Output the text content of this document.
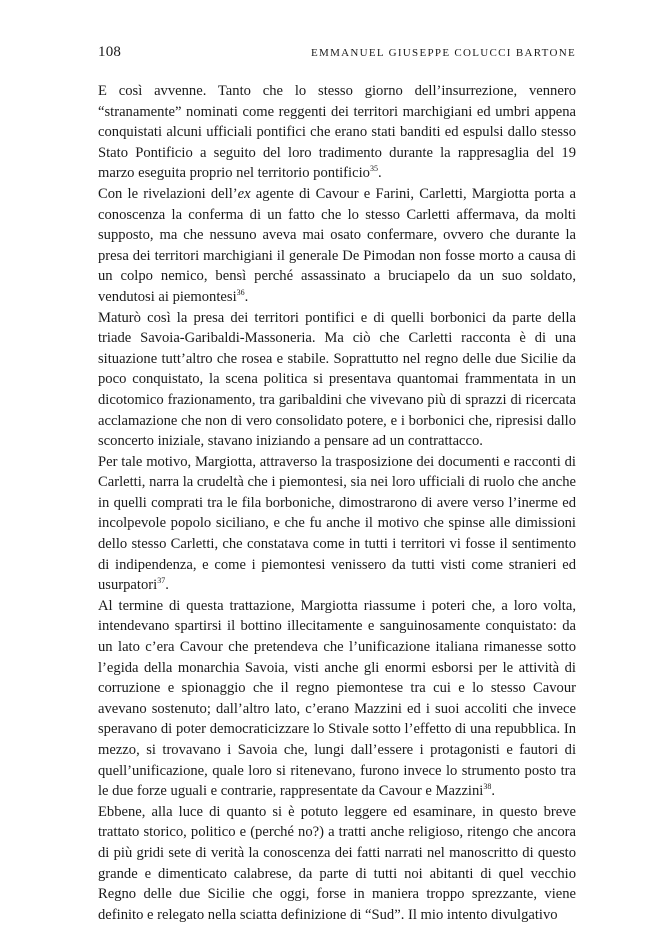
108	EMMANUEL GIUSEPPE COLUCCI BARTONE

E così avvenne. Tanto che lo stesso giorno dell’insurrezione, vennero “stranamente” nominati come reggenti dei territori marchigiani ed umbri appena conquistati alcuni ufficiali pontifici che erano stati banditi ed espulsi dallo stesso Stato Pontificio a seguito del loro tradimento durante la rappresaglia del 19 marzo eseguita proprio nel territorio pontificio$^{35}$.

Con le rivelazioni dell’ex agente di Cavour e Farini, Carletti, Margiotta porta a conoscenza la conferma di un fatto che lo stesso Carletti affermava, da molti supposto, ma che nessuno aveva mai osato confermare, ovvero che durante la presa dei territori marchigiani il generale De Pimodan non fosse morto a causa di un colpo nemico, bensì perché assassinato a bruciapelo da un suo soldato, vendutosi ai piemontesi$^{36}$.

Maturò così la presa dei territori pontifici e di quelli borbonici da parte della triade Savoia-Garibaldi-Massoneria. Ma ciò che Carletti racconta è di una situazione tutt’altro che rosea e stabile. Soprattutto nel regno delle due Sicilie da poco conquistato, la scena politica si presentava quantomai frammentata in un dicotomico frazionamento, tra garibaldini che vivevano più di sprazzi di ricercata acclamazione che non di vero consolidato potere, e i borbonici che, ripresisi dallo sconcerto iniziale, stavano iniziando a pensare ad un contrattacco.

Per tale motivo, Margiotta, attraverso la trasposizione dei documenti e racconti di Carletti, narra la crudeltà che i piemontesi, sia nei loro ufficiali di ruolo che anche in quelli comprati tra le fila borboniche, dimostrarono di avere verso l’inerme ed incolpevole popolo siciliano, e che fu anche il motivo che spinse alle dimissioni dello stesso Carletti, che constatava come in tutti i territori vi fosse il sentimento di indipendenza, e come i piemontesi venissero da tutti visti come stranieri ed usurpatori$^{37}$.

Al termine di questa trattazione, Margiotta riassume i poteri che, a loro volta, intendevano spartirsi il bottino illecitamente e sanguinosamente conquistato: da un lato c’era Cavour che pretendeva che l’unificazione italiana rimanesse sotto l’egida della monarchia Savoia, visti anche gli enormi esborsi per le attività di corruzione e spionaggio che il regno piemontese tra cui e lo stesso Cavour avevano sostenuto; dall’altro lato, c’erano Mazzini ed i suoi accoliti che invece speravano di poter democraticizzare lo Stivale sotto l’effetto di una repubblica. In mezzo, si trovavano i Savoia che, lungi dall’essere i protagonisti e fautori di quell’unificazione, quale loro si ritenevano, furono invece lo strumento posto tra le due forze uguali e contrarie, rappresentate da Cavour e Mazzini$^{38}$.

Ebbene, alla luce di quanto si è potuto leggere ed esaminare, in questo breve trattato storico, politico e (perché no?) a tratti anche religioso, ritengo che ancora di più gridi sete di verità la conoscenza dei fatti narrati nel manoscritto di questo grande e dimenticato calabrese, da parte di tutti noi abitanti di quel vecchio Regno delle due Sicilie che oggi, forse in maniera troppo sprezzante, viene definito e relegato nella sciatta definizione di “Sud”. Il mio intento divulgativo
